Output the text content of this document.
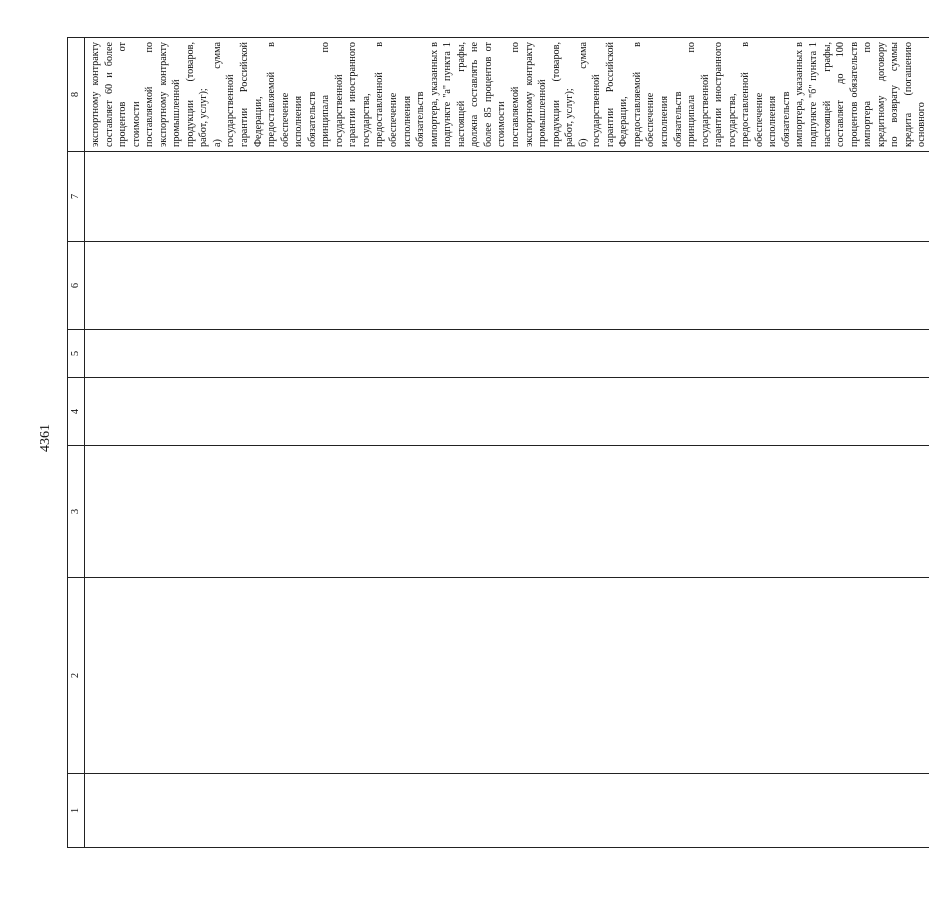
4361
1	2	3	4	5	6	7	8

							экспортному контракту составляет 60 и более процентов от стоимости поставляемой по экспортному контракту промышленной продукции (товаров, работ, услуг); а) сумма государственной гарантии Российской Федерации, предоставляемой в обеспечение исполнения обязательств принципала по государственной гарантии иностранного государства, предоставленной в обеспечение исполнения обязательств импортера, указанных в подпункте "а" пункта 1 настоящей графы, должна составлять не более 85 процентов от стоимости поставляемой по экспортному контракту промышленной продукции (товаров, работ, услуг); б) сумма государственной гарантии Российской Федерации, предоставляемой в обеспечение исполнения обязательств принципала по государственной гарантии иностранного государства, предоставленной в обеспечение исполнения обязательств импортера, указанных в подпункте "б" пункта 1 настоящей графы, составляет до 100 процентов обязательств импортера по кредитному договору по возврату суммы кредита (погашению основного
